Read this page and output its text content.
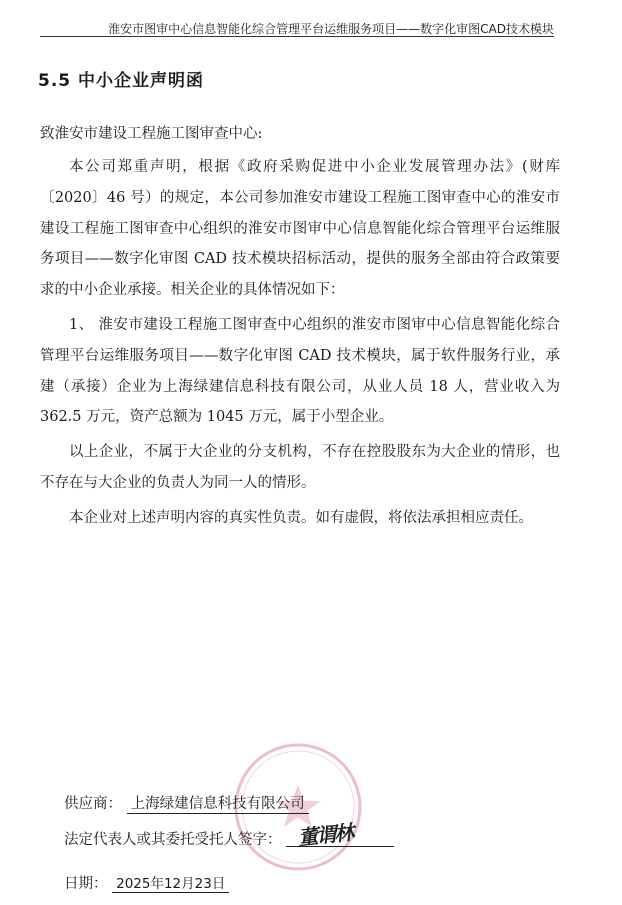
淮安市图审中心信息智能化综合管理平台运维服务项目——数字化审图CAD技术模块
5.5 中小企业声明函
致淮安市建设工程施工图审查中心:

本公司郑重声明，根据《政府采购促进中小企业发展管理办法》(财库〔2020〕46 号）的规定，本公司参加淮安市建设工程施工图审查中心的淮安市建设工程施工图审查中心组织的淮安市图审中心信息智能化综合管理平台运维服务项目——数字化审图 CAD 技术模块招标活动，提供的服务全部由符合政策要求的中小企业承接。相关企业的具体情况如下：

1、 淮安市建设工程施工图审查中心组织的淮安市图审中心信息智能化综合管理平台运维服务项目——数字化审图 CAD 技术模块，属于软件服务行业，承建（承接）企业为上海绿建信息科技有限公司，从业人员 18 人，营业收入为 362.5 万元，资产总额为 1045 万元，属于小型企业。

以上企业，不属于大企业的分支机构，不存在控股股东为大企业的情形，也不存在与大企业的负责人为同一人的情形。

本企业对上述声明内容的真实性负责。如有虚假，将依法承担相应责任。

供应商： 上海绿建信息科技有限公司
法定代表人或其委托受托人签字： 董谓林
日期： 2025年12月23日
